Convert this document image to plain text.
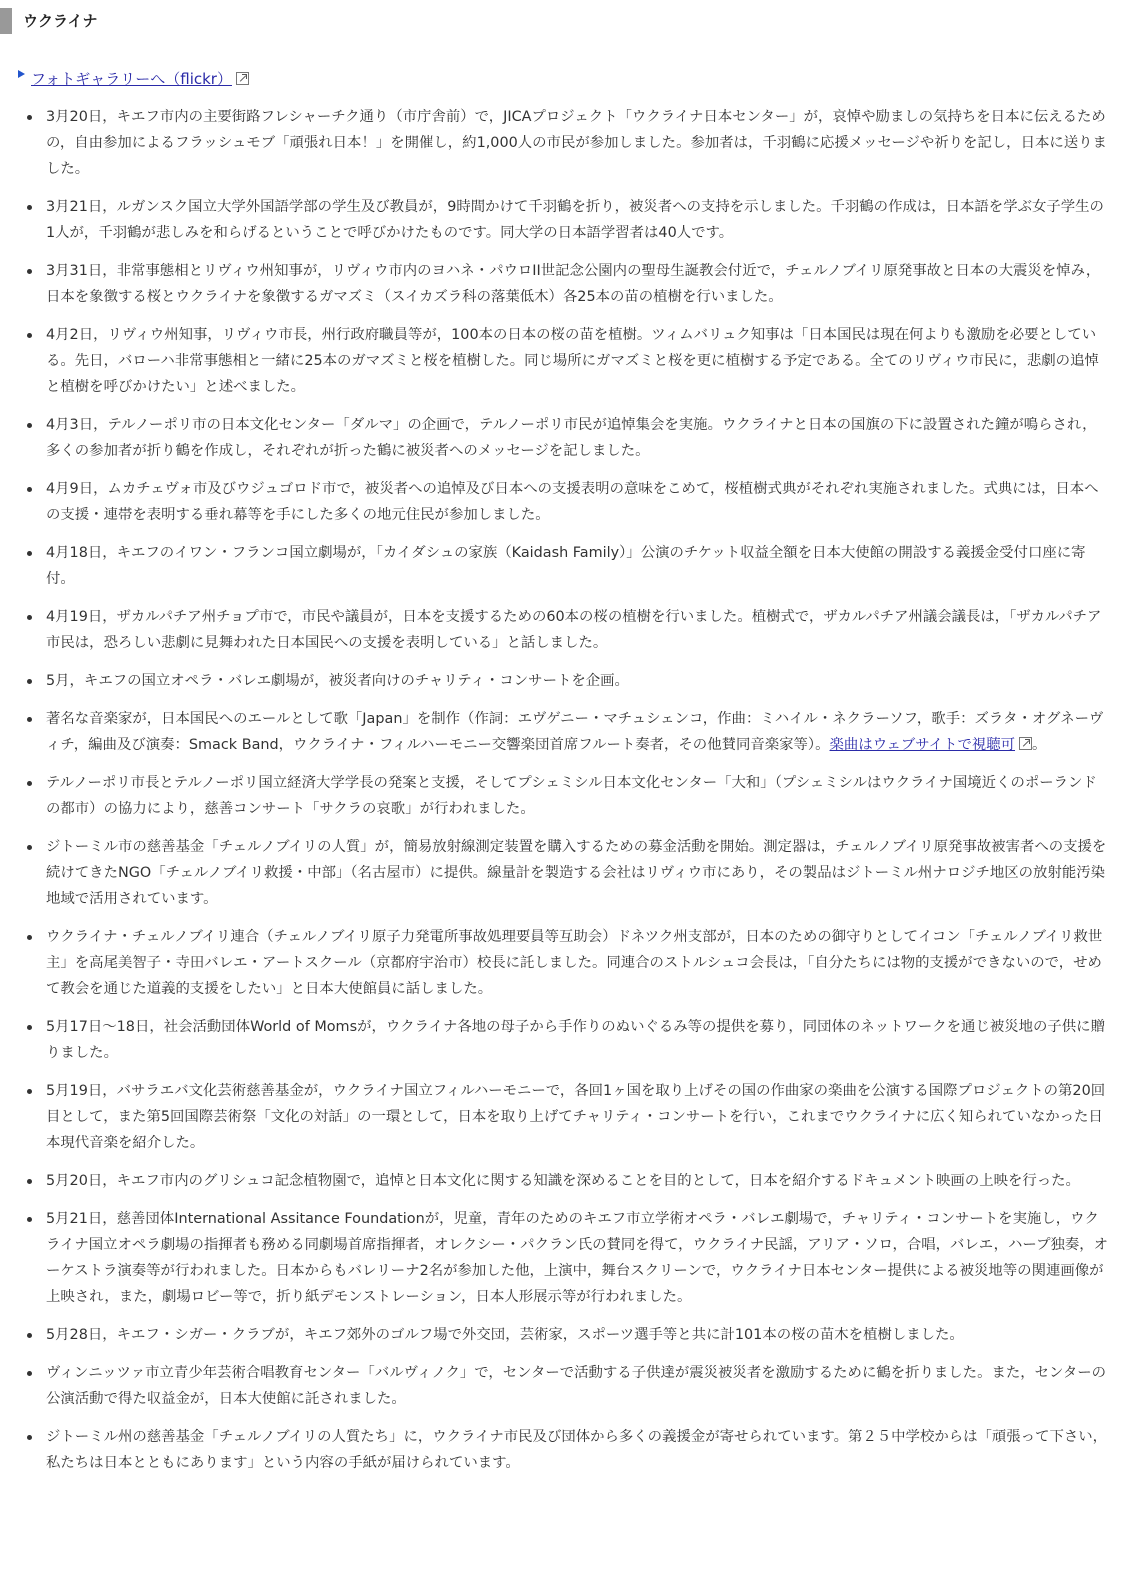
ウクライナ
フォトギャラリーへ（flickr）
3月20日，キエフ市内の主要街路フレシャーチク通り（市庁舎前）で，JICAプロジェクト「ウクライナ日本センター」が，哀悼や励ましの気持ちを日本に伝えるための，自由参加によるフラッシュモブ「頑張れ日本！」を開催し，約1,000人の市民が参加しました。参加者は，千羽鶴に応援メッセージや祈りを記し，日本に送りました。
3月21日，ルガンスク国立大学外国語学部の学生及び教員が，9時間かけて千羽鶴を折り，被災者への支持を示しました。千羽鶴の作成は，日本語を学ぶ女子学生の1人が，千羽鶴が悲しみを和らげるということで呼びかけたものです。同大学の日本語学習者は40人です。
3月31日，非常事態相とリヴィウ州知事が，リヴィウ市内のヨハネ・パウロII世記念公園内の聖母生誕教会付近で，チェルノブイリ原発事故と日本の大震災を悼み，日本を象徴する桜とウクライナを象徴するガマズミ（スイカズラ科の落葉低木）各25本の苗の植樹を行いました。
4月2日，リヴィウ州知事，リヴィウ市長，州行政府職員等が，100本の日本の桜の苗を植樹。ツィムバリュク知事は「日本国民は現在何よりも激励を必要としている。先日，バローハ非常事態相と一緒に25本のガマズミと桜を植樹した。同じ場所にガマズミと桜を更に植樹する予定である。全てのリヴィウ市民に，悲劇の追悼と植樹を呼びかけたい」と述べました。
4月3日，テルノーポリ市の日本文化センター「ダルマ」の企画で，テルノーポリ市民が追悼集会を実施。ウクライナと日本の国旗の下に設置された鐘が鳴らされ，多くの参加者が折り鶴を作成し，それぞれが折った鶴に被災者へのメッセージを記しました。
4月9日，ムカチェヴォ市及びウジュゴロド市で，被災者への追悼及び日本への支援表明の意味をこめて，桜植樹式典がそれぞれ実施されました。式典には，日本への支援・連帯を表明する垂れ幕等を手にした多くの地元住民が参加しました。
4月18日，キエフのイワン・フランコ国立劇場が，「カイダシュの家族（Kaidash Family）」公演のチケット収益全額を日本大使館の開設する義援金受付口座に寄付。
4月19日，ザカルパチア州チョプ市で，市民や議員が，日本を支援するための60本の桜の植樹を行いました。植樹式で，ザカルパチア州議会議長は，「ザカルパチア市民は，恐ろしい悲劇に見舞われた日本国民への支援を表明している」と話しました。
5月，キエフの国立オペラ・バレエ劇場が，被災者向けのチャリティ・コンサートを企画。
著名な音楽家が，日本国民へのエールとして歌「Japan」を制作（作詞：エヴゲニー・マチュシェンコ，作曲：ミハイル・ネクラーソフ，歌手：ズラタ・オグネーヴィチ，編曲及び演奏：Smack Band，ウクライナ・フィルハーモニー交響楽団首席フルート奏者，その他賛同音楽家等）。楽曲はウェブサイトで視聴可 。
テルノーポリ市長とテルノーポリ国立経済大学学長の発案と支援，そしてプシェミシル日本文化センター「大和」（プシェミシルはウクライナ国境近くのポーランドの都市）の協力により，慈善コンサート「サクラの哀歌」が行われました。
ジトーミル市の慈善基金「チェルノブイリの人質」が，簡易放射線測定装置を購入するための募金活動を開始。測定器は，チェルノブイリ原発事故被害者への支援を続けてきたNGO「チェルノブイリ救援・中部」（名古屋市）に提供。線量計を製造する会社はリヴィウ市にあり，その製品はジトーミル州ナロジチ地区の放射能汚染地域で活用されています。
ウクライナ・チェルノブイリ連合（チェルノブイリ原子力発電所事故処理要員等互助会）ドネツク州支部が，日本のための御守りとしてイコン「チェルノブイリ救世主」を高尾美智子・寺田バレエ・アートスクール（京都府宇治市）校長に託しました。同連合のストルシュコ会長は，「自分たちには物的支援ができないので，せめて教会を通じた道義的支援をしたい」と日本大使館員に話しました。
5月17日〜18日，社会活動団体World of Momsが，ウクライナ各地の母子から手作りのぬいぐるみ等の提供を募り，同団体のネットワークを通じ被災地の子供に贈りました。
5月19日，バサラエバ文化芸術慈善基金が，ウクライナ国立フィルハーモニーで，各回1ヶ国を取り上げその国の作曲家の楽曲を公演する国際プロジェクトの第20回目として，また第5回国際芸術祭「文化の対話」の一環として，日本を取り上げてチャリティ・コンサートを行い，これまでウクライナに広く知られていなかった日本現代音楽を紹介した。
5月20日，キエフ市内のグリシュコ記念植物園で，追悼と日本文化に関する知識を深めることを目的として，日本を紹介するドキュメント映画の上映を行った。
5月21日，慈善団体International Assitance Foundationが，児童，青年のためのキエフ市立学術オペラ・バレエ劇場で，チャリティ・コンサートを実施し，ウクライナ国立オペラ劇場の指揮者も務める同劇場首席指揮者，オレクシー・パクラン氏の賛同を得て，ウクライナ民謡，アリア・ソロ，合唱，バレエ，ハープ独奏，オーケストラ演奏等が行われました。日本からもバレリーナ2名が参加した他，上演中，舞台スクリーンで，ウクライナ日本センター提供による被災地等の関連画像が上映され，また，劇場ロビー等で，折り紙デモンストレーション，日本人形展示等が行われました。
5月28日，キエフ・シガー・クラブが，キエフ郊外のゴルフ場で外交団，芸術家，スポーツ選手等と共に計101本の桜の苗木を植樹しました。
ヴィンニッツァ市立青少年芸術合唱教育センター「バルヴィノク」で，センターで活動する子供達が震災被災者を激励するために鶴を折りました。また，センターの公演活動で得た収益金が，日本大使館に託されました。
ジトーミル州の慈善基金「チェルノブイリの人質たち」に，ウクライナ市民及び団体から多くの義援金が寄せられています。第２５中学校からは「頑張って下さい，私たちは日本とともにあります」という内容の手紙が届けられています。
